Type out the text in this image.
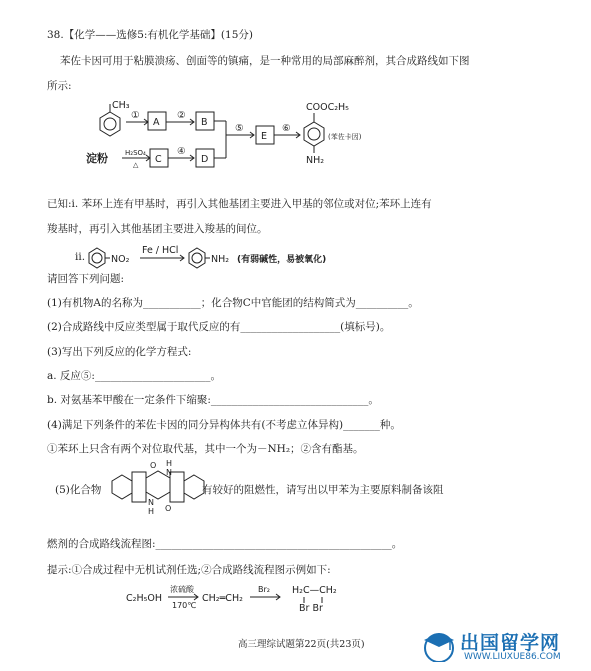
38.【化学——选修5:有机化学基础】(15分)
苯佐卡因可用于粘膜溃疡、创面等的镇痛，是一种常用的局部麻醉剂，其合成路线如下图
所示:
CH₃
①	②
A	B
淀粉 H₂SO₄
△ C
④
D
⑤
E
⑥
COOC₂H₅
NH₂
(苯佐卡因)
NO₂
Fe / HCl
NH₂ (有弱碱性，易被氧化)
O
N
O
N
H
H
C₂H₅OH
浓硫酸
170℃
CH₂═CH₂
Br₂ H₂C—CH₂
Br Br
已知:ⅰ. 苯环上连有甲基时，再引入其他基团主要进入甲基的邻位或对位;苯环上连有
羧基时，再引入其他基团主要进入羧基的间位。
ⅱ.
请回答下列问题:
(1)有机物A的名称为___________；化合物C中官能团的结构简式为__________。
(2)合成路线中反应类型属于取代反应的有___________________(填标号)。
(3)写出下列反应的化学方程式:
a. 反应⑤:______________________。
b. 对氨基苯甲酸在一定条件下缩聚:______________________________。
(4)满足下列条件的苯佐卡因的同分异构体共有(不考虑立体异构)_______种。
①苯环上只含有两个对位取代基，其中一个为－NH₂；②含有酯基。
(5)化合物	有较好的阻燃性，请写出以甲苯为主要原料制备该阻
燃剂的合成路线流程图:_____________________________________________。
提示:①合成过程中无机试剂任选;②合成路线流程图示例如下:
高三理综试题第22页(共23页)	出国留学网
WWW.LIUXUE86.COM
